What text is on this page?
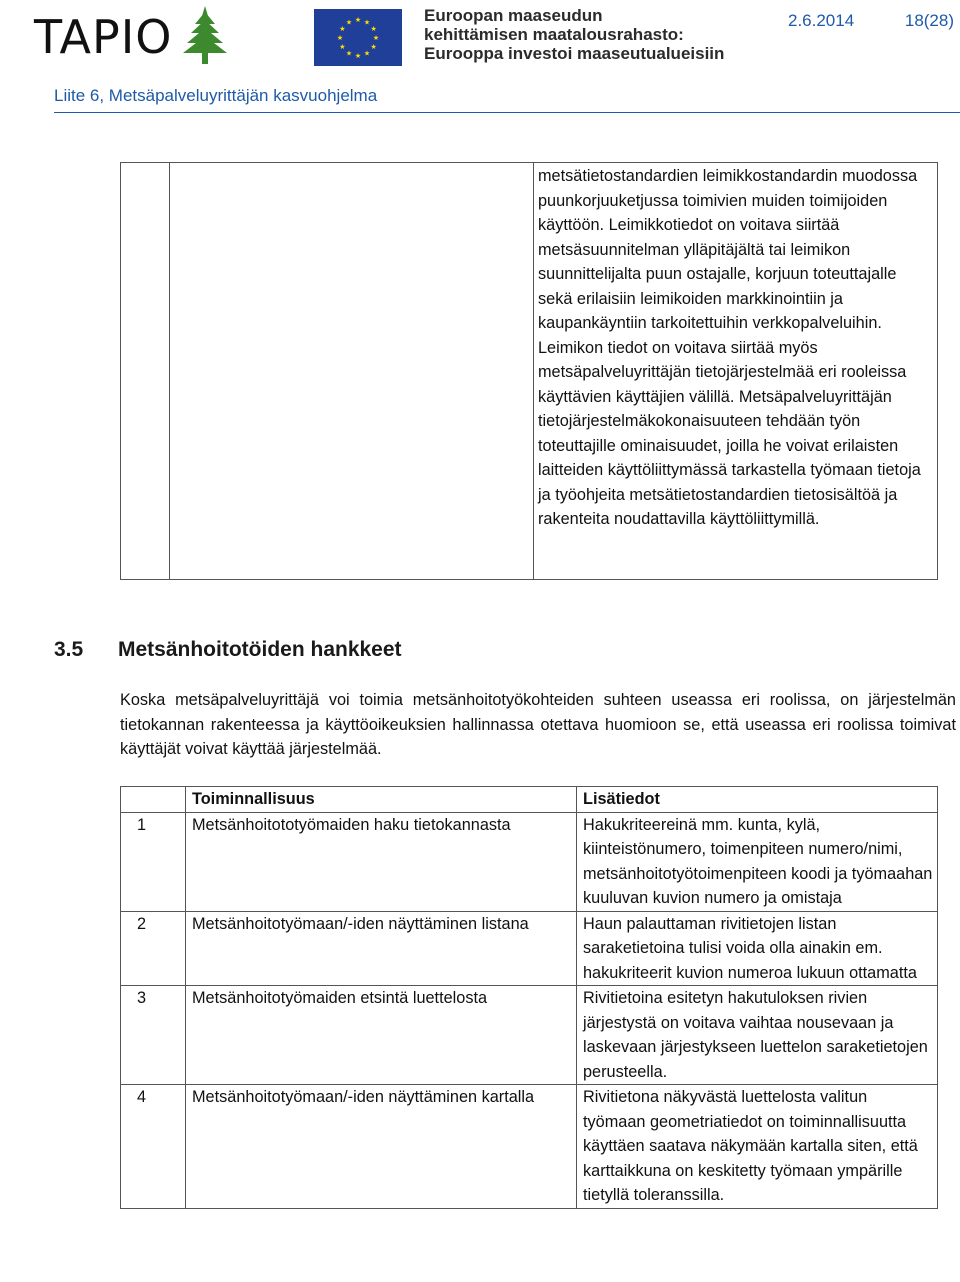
TAPIO	★ ★
★
★
★
★
★
★
★
★
★
★	Euroopan maaseudun
kehittämisen maatalousrahasto:
Eurooppa investoi maaseutualueisiin
2.6.2014	18(28)
Liite 6, Metsäpalveluyrittäjän kasvuohjelma
metsätietostandardien leimikkostandardin muodossa puunkorjuuketjussa toimivien muiden toimijoiden käyttöön. Leimikkotiedot on voitava siirtää metsäsuunnitelman ylläpitäjältä tai leimikon suunnittelijalta puun ostajalle, korjuun toteuttajalle sekä erilaisiin leimikoiden markkinointiin ja kaupankäyntiin tarkoitettuihin verkkopalveluihin. Leimikon tiedot on voitava siirtää myös metsäpalveluyrittäjän tietojärjestelmää eri rooleissa käyttävien käyttäjien välillä. Metsäpalveluyrittäjän tietojärjestelmäkokonaisuuteen tehdään työn toteuttajille ominaisuudet, joilla he voivat erilaisten laitteiden käyttöliittymässä tarkastella työmaan tietoja ja työohjeita metsätietostandardien tietosisältöä ja rakenteita noudattavilla käyttöliittymillä.
3.5 Metsänhoitotöiden hankkeet
Koska metsäpalveluyrittäjä voi toimia metsänhoitotyökohteiden suhteen useassa eri roolissa, on järjestelmän tietokannan rakenteessa ja käyttöoikeuksien hallinnassa otettava huomioon se, että useassa eri roolissa toimivat käyttäjät voivat käyttää järjestelmää.
	Toiminnallisuus	Lisätiedot
1	Metsänhoitototyömaiden haku tietokannasta	Hakukriteereinä mm. kunta, kylä, kiinteistönumero, toimenpiteen numero/nimi, metsänhoitotyötoimenpiteen koodi ja työmaahan kuuluvan kuvion numero ja omistaja
2	Metsänhoitotyömaan/-iden näyttäminen listana	Haun palauttaman rivitietojen listan saraketietoina tulisi voida olla ainakin em. hakukriteerit kuvion numeroa lukuun ottamatta
3	Metsänhoitotyömaiden etsintä luettelosta	Rivitietoina esitetyn hakutuloksen rivien järjestystä on voitava vaihtaa nousevaan ja laskevaan järjestykseen luettelon saraketietojen perusteella.
4	Metsänhoitotyömaan/-iden näyttäminen kartalla	Rivitietona näkyvästä luettelosta valitun työmaan geometriatiedot on toiminnallisuutta käyttäen saatava näkymään kartalla siten, että karttaikkuna on keskitetty työmaan ympärille tietyllä toleranssilla.
